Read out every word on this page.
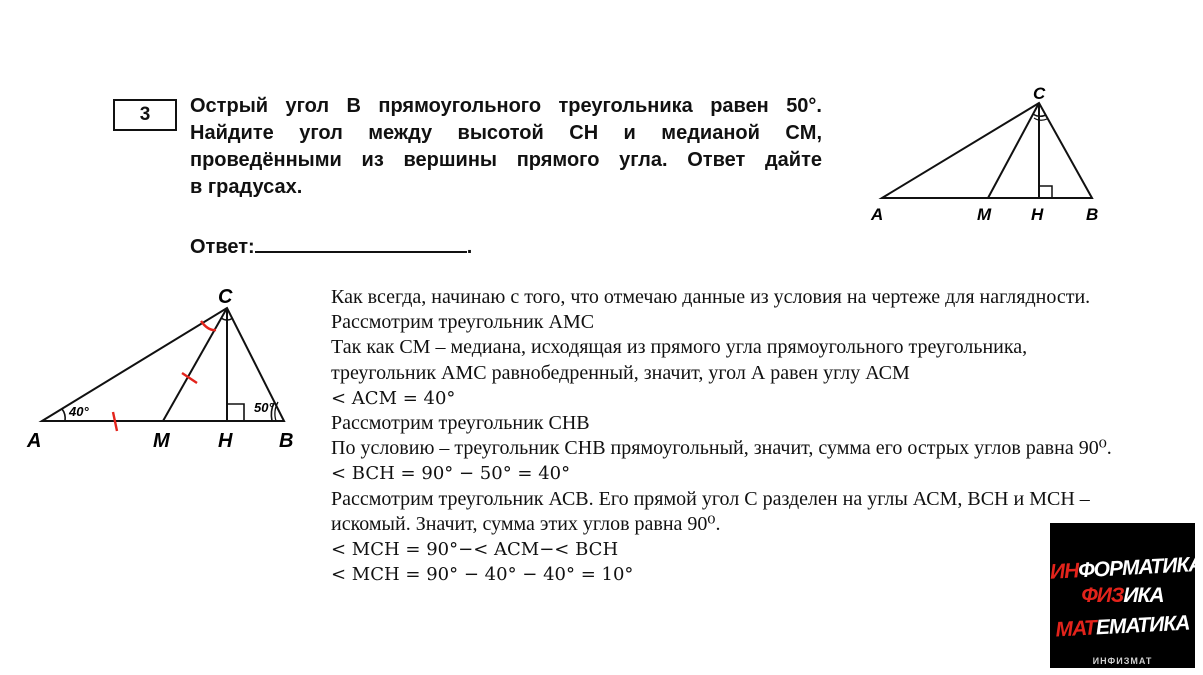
3 Острый угол B прямоугольного треугольника равен 50°.
Найдите угол между высотой CH и медианой CM,
проведёнными из вершины прямого угла. Ответ дайте
в градусах.

Ответ:	.
C
A	M H	B
40°	50°
C
A	M H B

Как всегда, начинаю с того, что отмечаю данные из условия на чертеже для наглядности.
Рассмотрим треугольник АМС
Так как СМ – медиана, исходящая из прямого угла прямоугольного треугольника,
треугольник АМС равнобедренный, значит, угол А равен углу АСМ
< ACM = 40°
Рассмотрим треугольник СНВ
По условию – треугольник СНВ прямоугольный, значит, сумма его острых углов равна 90⁰.
< BCH = 90° − 50° = 40°
Рассмотрим треугольник АСВ. Его прямой угол С разделен на углы АСМ, ВСН и МСН –
искомый. Значит, сумма этих углов равна 90⁰.
< MCH = 90°−< ACM−< BCH
< MCH = 90° − 40° − 40° = 10°	ИНФОРМАТИКА
ФИЗИКА
МАТЕМАТИКА
ИНФИЗМАТ
